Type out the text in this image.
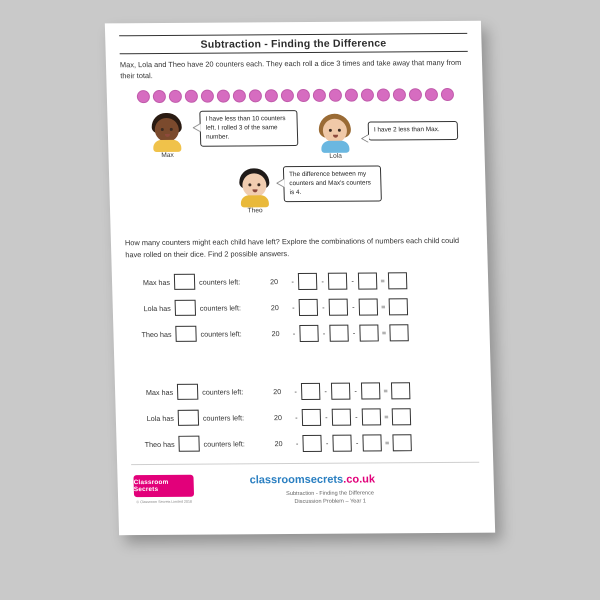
Subtraction - Finding the Difference
Max, Lola and Theo have 20 counters each. They each roll a dice 3 times and take away that many from their total.
Max
I have less than 10 counters left. I rolled 3 of the same number.
Lola
I have 2 less than Max.
Theo
The difference between my counters and Max's counters is 4.
How many counters might each child have left? Explore the combinations of numbers each child could have rolled on their dice. Find 2 possible answers.
Max has	counters left:	20	-	-	-	=
Lola has	counters left:	20	-	-	-	=
Theo has	counters left:	20	-	-	-	=
Max has	counters left:	20	-	-	-	=
Lola has	counters left:	20	-	-	-	=
Theo has	counters left:	20	-	-	-	=
Classroom Secrets
© Classroom Secrets Limited 2018
classroomsecrets.co.uk
Subtraction - Finding the Difference
Discussion Problem – Year 1
